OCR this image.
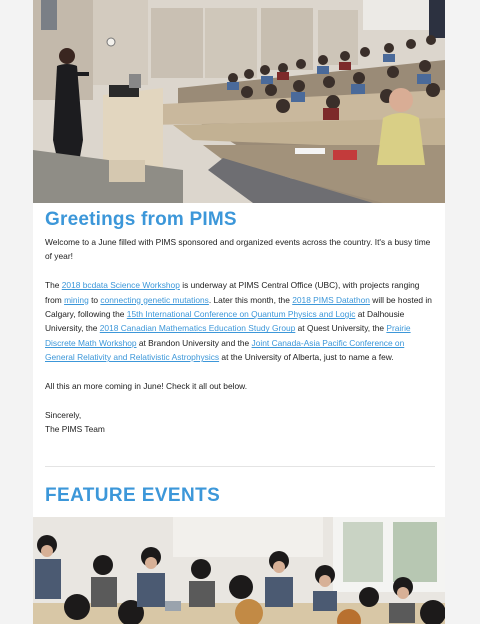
Greetings from PIMS

Welcome to a June filled with PIMS sponsored and organized events across the country. It's a busy time of year!

The 2018 bcdata Science Workshop is underway at PIMS Central Office (UBC), with projects ranging from mining to connecting genetic mutations. Later this month, the 2018 PIMS Datathon will be hosted in Calgary, following the 15th International Conference on Quantum Physics and Logic at Dalhousie University, the 2018 Canadian Mathematics Education Study Group at Quest University, the Prairie Discrete Math Workshop at Brandon University and the Joint Canada-Asia Pacific Conference on General Relativity and Relativistic Astrophysics at the University of Alberta, just to name a few.

All this an more coming in June! Check it all out below.

Sincerely,

The PIMS Team

FEATURE EVENTS
